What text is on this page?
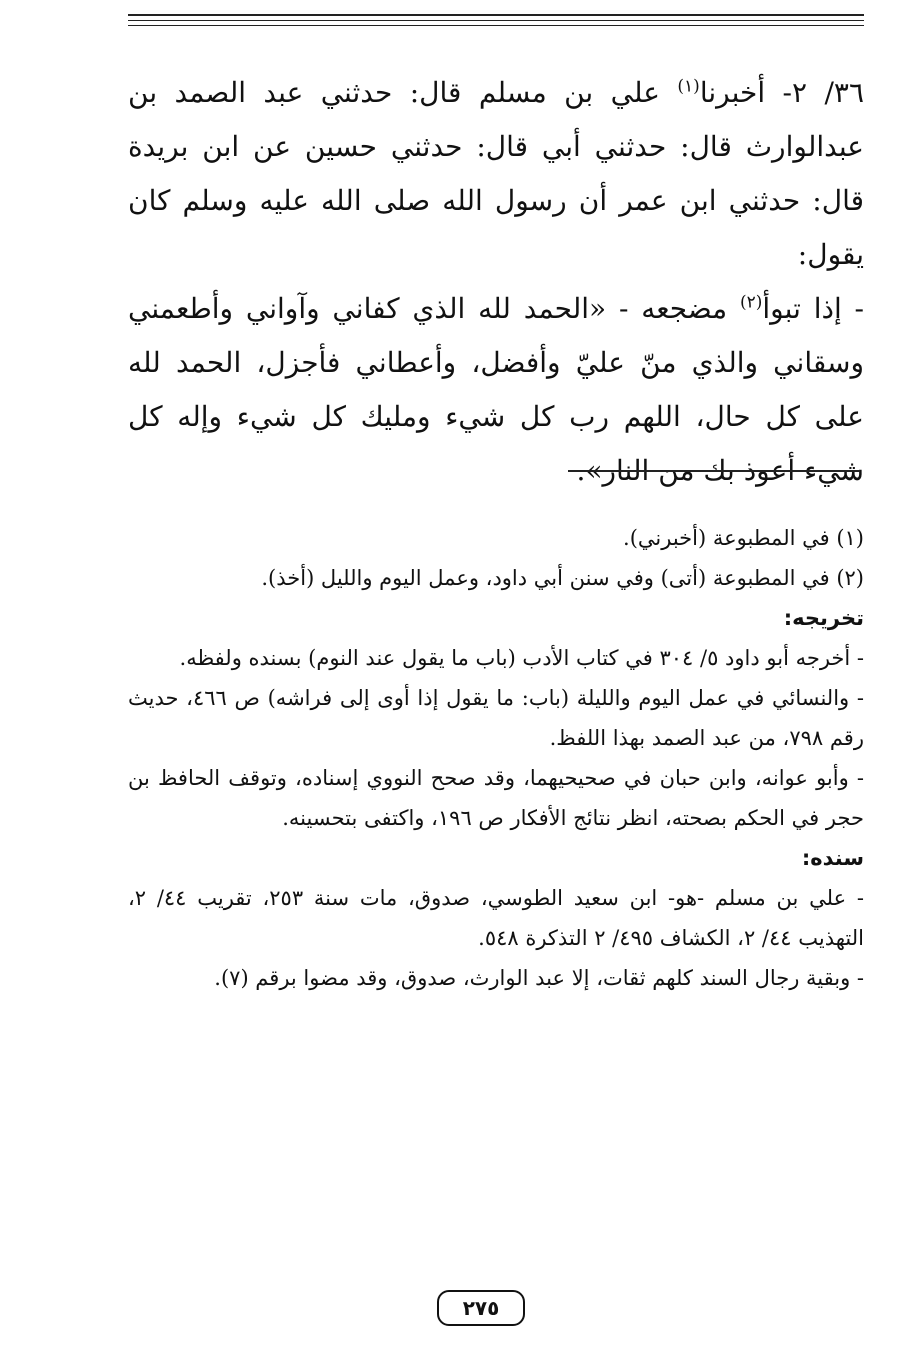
٣٦/ ٢- أخبرنا$^{(١)}$ علي بن مسلم قال: حدثني عبد الصمد بن عبدالوارث قال: حدثني أبي قال: حدثني حسين عن ابن بريدة قال: حدثني ابن عمر أن رسول الله صلى الله عليه وسلم كان يقول:

- إذا تبوأ$^{(٢)}$ مضجعه - «الحمد لله الذي كفاني وآواني وأطعمني وسقاني والذي منّ عليّ وأفضل، وأعطاني فأجزل، الحمد لله على كل حال، اللهم رب كل شيء ومليك كل شيء وإله كل شيء أعوذ بك من النار».

(١) في المطبوعة (أخبرني).

(٢) في المطبوعة (أتى) وفي سنن أبي داود، وعمل اليوم والليل (أخذ).

تخريجه:

- أخرجه أبو داود ٥/ ٣٠٤ في كتاب الأدب (باب ما يقول عند النوم) بسنده ولفظه.

- والنسائي في عمل اليوم والليلة (باب: ما يقول إذا أوى إلى فراشه) ص ٤٦٦، حديث رقم ٧٩٨، من عبد الصمد بهذا اللفظ.

- وأبو عوانه، وابن حبان في صحيحيهما، وقد صحح النووي إسناده، وتوقف الحافظ بن حجر في الحكم بصحته، انظر نتائج الأفكار ص ١٩٦، واكتفى بتحسينه.

سنده:

- علي بن مسلم -هو- ابن سعيد الطوسي، صدوق، مات سنة ٢٥٣، تقريب ٤٤/ ٢، التهذيب ٤٤/ ٢، الكشاف ٤٩٥/ ٢ التذكرة ٥٤٨.

- وبقية رجال السند كلهم ثقات، إلا عبد الوارث، صدوق، وقد مضوا برقم (٧).

٢٧٥
